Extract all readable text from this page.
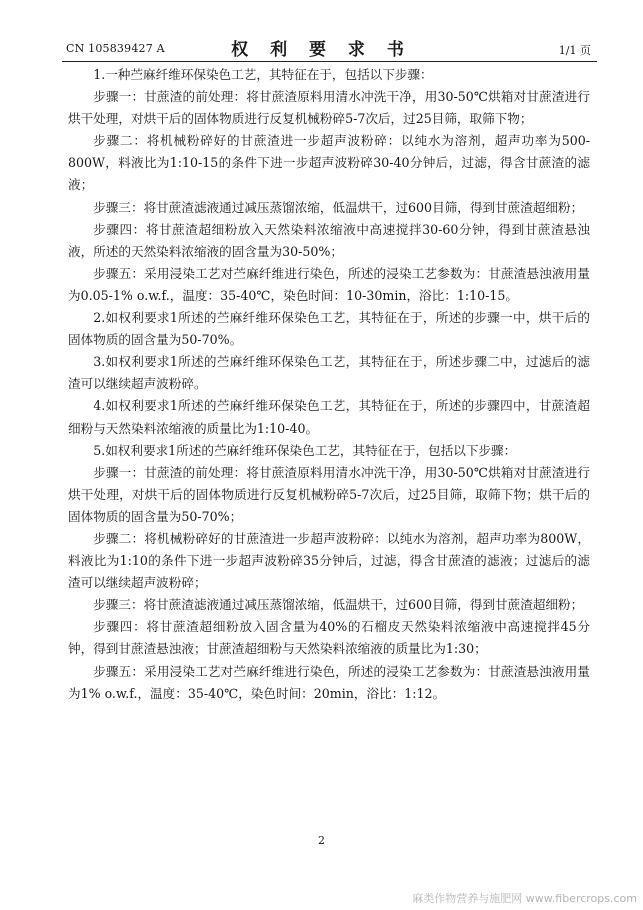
CN 105839427 A	权 利 要 求 书	1/1 页

1.一种苎麻纤维环保染色工艺，其特征在于，包括以下步骤：

步骤一：甘蔗渣的前处理：将甘蔗渣原料用清水冲洗干净，用30-50℃烘箱对甘蔗渣进行烘干处理，对烘干后的固体物质进行反复机械粉碎5-7次后，过25目筛，取筛下物；

步骤二：将机械粉碎好的甘蔗渣进一步超声波粉碎：以纯水为溶剂，超声功率为500-800W，料液比为1:10-15的条件下进一步超声波粉碎30-40分钟后，过滤，得含甘蔗渣的滤液；

步骤三：将甘蔗渣滤液通过减压蒸馏浓缩，低温烘干，过600目筛，得到甘蔗渣超细粉；

步骤四：将甘蔗渣超细粉放入天然染料浓缩液中高速搅拌30-60分钟，得到甘蔗渣悬浊液，所述的天然染料浓缩液的固含量为30-50%；

步骤五：采用浸染工艺对苎麻纤维进行染色，所述的浸染工艺参数为：甘蔗渣悬浊液用量为0.05-1% o.w.f.，温度：35-40℃，染色时间：10-30min，浴比：1:10-15。

2.如权利要求1所述的苎麻纤维环保染色工艺，其特征在于，所述的步骤一中，烘干后的固体物质的固含量为50-70%。

3.如权利要求1所述的苎麻纤维环保染色工艺，其特征在于，所述步骤二中，过滤后的滤渣可以继续超声波粉碎。

4.如权利要求1所述的苎麻纤维环保染色工艺，其特征在于，所述的步骤四中，甘蔗渣超细粉与天然染料浓缩液的质量比为1:10-40。

5.如权利要求1所述的苎麻纤维环保染色工艺，其特征在于，包括以下步骤：

步骤一：甘蔗渣的前处理：将甘蔗渣原料用清水冲洗干净，用30-50℃烘箱对甘蔗渣进行烘干处理，对烘干后的固体物质进行反复机械粉碎5-7次后，过25目筛，取筛下物；烘干后的固体物质的固含量为50-70%；

步骤二：将机械粉碎好的甘蔗渣进一步超声波粉碎：以纯水为溶剂，超声功率为800W，料液比为1:10的条件下进一步超声波粉碎35分钟后，过滤，得含甘蔗渣的滤液；过滤后的滤渣可以继续超声波粉碎；

步骤三：将甘蔗渣滤液通过减压蒸馏浓缩，低温烘干，过600目筛，得到甘蔗渣超细粉；

步骤四：将甘蔗渣超细粉放入固含量为40%的石榴皮天然染料浓缩液中高速搅拌45分钟，得到甘蔗渣悬浊液；甘蔗渣超细粉与天然染料浓缩液的质量比为1:30；

步骤五：采用浸染工艺对苎麻纤维进行染色，所述的浸染工艺参数为：甘蔗渣悬浊液用量为1% o.w.f.，温度：35-40℃，染色时间：20min，浴比：1:12。

2
麻类作物营养与施肥网 www.fibercrops.com
